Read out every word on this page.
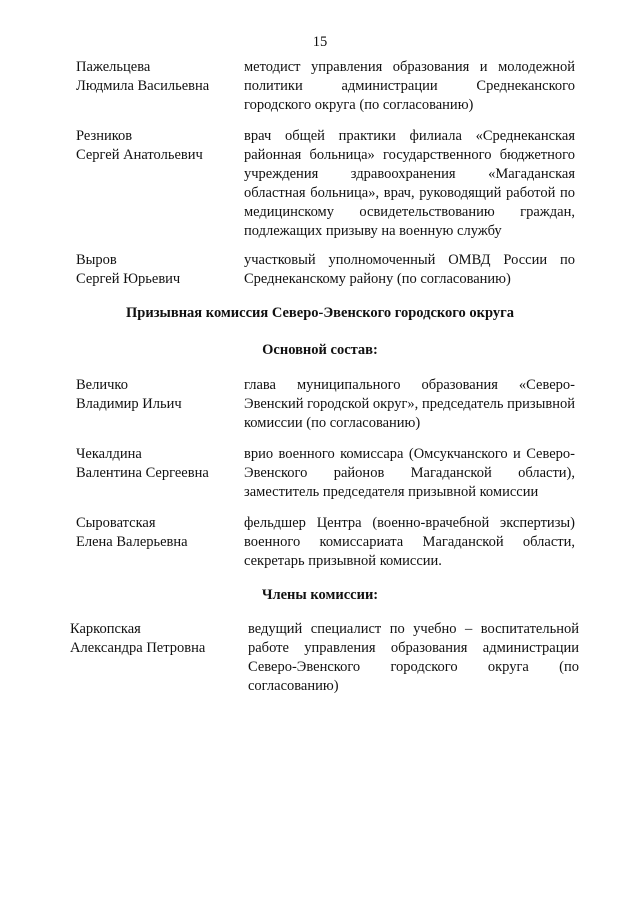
15
Пажельцева
Людмила Васильевна
методист управления образования и молодежной политики администрации Среднеканского городского округа (по согласованию)
Резников
Сергей Анатольевич
врач общей практики филиала «Среднеканская районная больница» государственного бюджетного учреждения здравоохранения «Магаданская областная больница», врач, руководящий работой по медицинскому освидетельствованию граждан, подлежащих призыву на военную службу
Выров
Сергей Юрьевич
участковый уполномоченный ОМВД России по Среднеканскому району (по согласованию)
Призывная комиссия Северо-Эвенского городского округа
Основной состав:
Величко
Владимир Ильич
глава муниципального образования «Северо-Эвенский городской округ», председатель призывной комиссии (по согласованию)
Чекалдина
Валентина Сергеевна
врио военного комиссара (Омсукчанского и Северо-Эвенского районов Магаданской области), заместитель председателя призывной комиссии
Сыроватская
Елена Валерьевна
фельдшер Центра (военно-врачебной экспертизы) военного комиссариата Магаданской области, секретарь призывной комиссии.
Члены комиссии:
Каркопская
Александра Петровна
ведущий специалист по учебно – воспитательной работе управления образования администрации Северо-Эвенского городского округа (по согласованию)
